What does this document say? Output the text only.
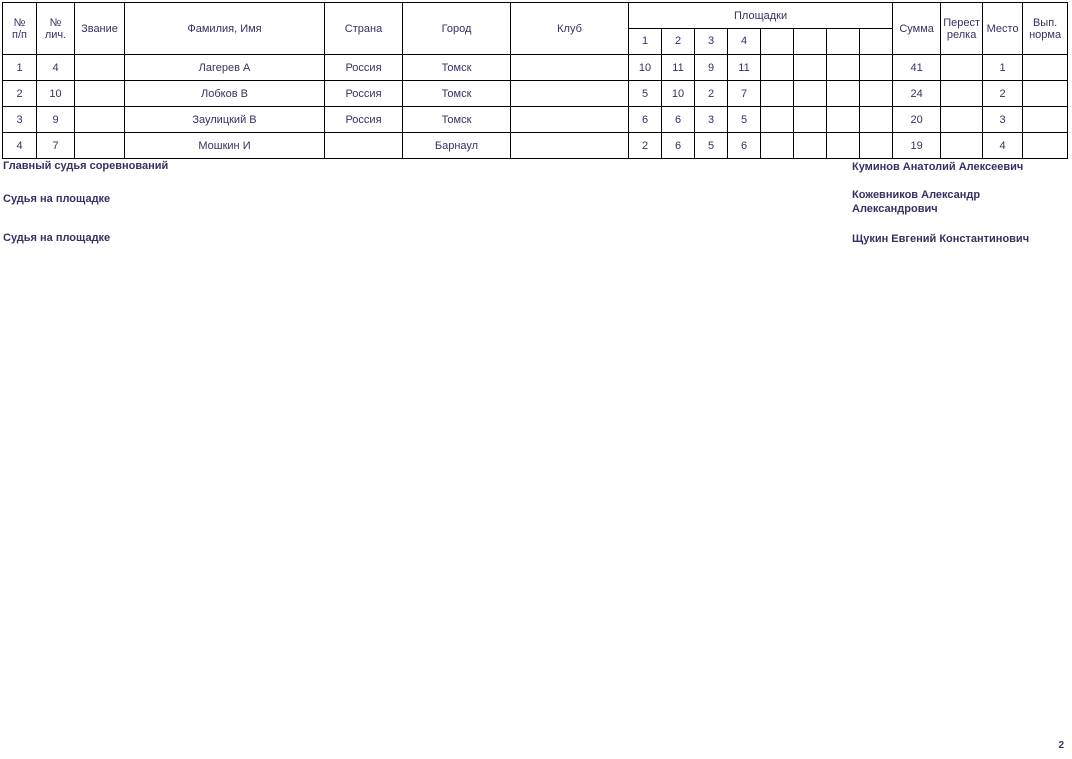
№
п/п

№
лич.	Звание	Фамилия, Имя	Страна	Город	Клуб	Площадки	Сумма	Перест
релка	Место	Вып.
норма

							1	2	3	4								
1	4		Лагерев А	Россия	Томск		10	11	9	11					41		1	
2	10		Лобков В	Россия	Томск		5	10	2	7					24		2	
3	9		Заулицкий В	Россия	Томск		6	6	3	5					20		3	
4	7		Мошкин И		Барнаул		2	6	5	6					19		4	
Главный судья соревнований	Куминов Анатолий Алексеевич
Судья на площадке	Кожевников Александр Александрович
Судья на площадке	Щукин Евгений Константинович
2
